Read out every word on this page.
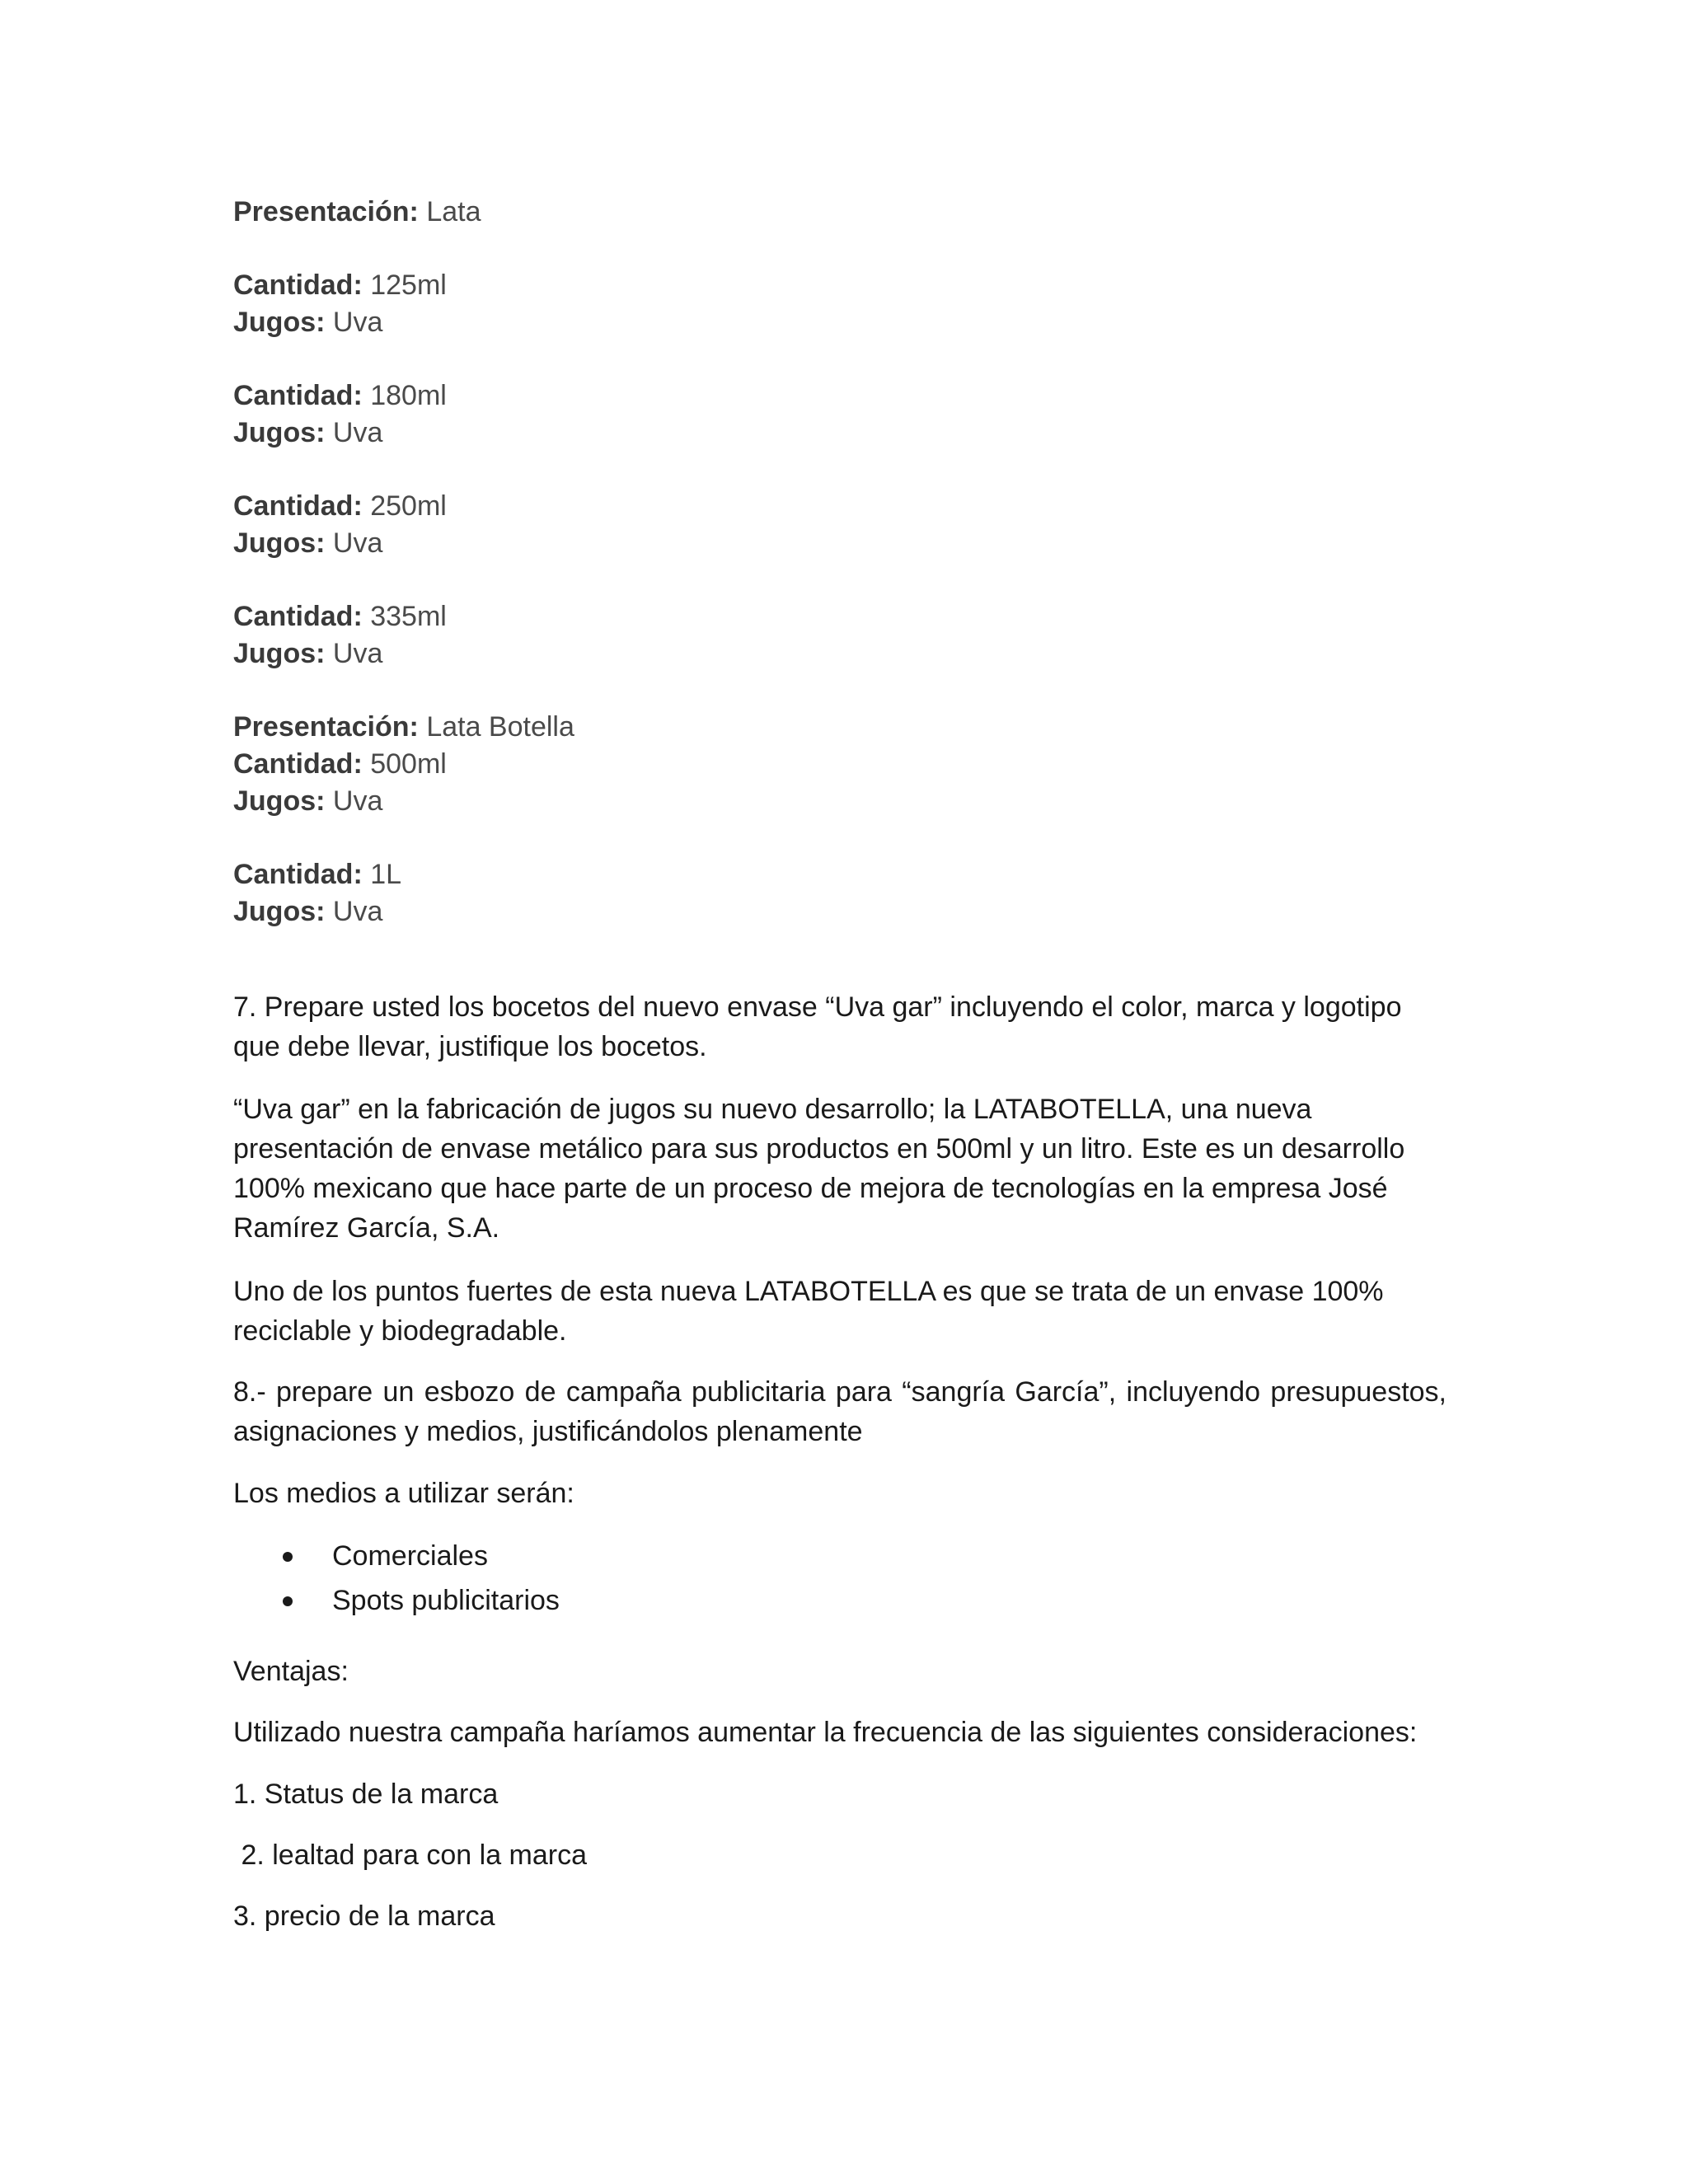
Presentación: Lata
Cantidad: 125ml
Jugos: Uva
Cantidad: 180ml
Jugos: Uva
Cantidad: 250ml
Jugos: Uva
Cantidad: 335ml
Jugos: Uva
Presentación: Lata Botella
Cantidad: 500ml
Jugos: Uva
Cantidad: 1L
Jugos: Uva

7. Prepare usted los bocetos del nuevo envase “Uva gar” incluyendo el color, marca y logotipo que debe llevar, justifique los bocetos.

“Uva gar” en la fabricación de jugos su nuevo desarrollo; la LATABOTELLA, una nueva presentación de envase metálico para sus productos en 500ml y un litro. Este es un desarrollo 100% mexicano que hace parte de un proceso de mejora de tecnologías en la empresa José Ramírez García, S.A.

Uno de los puntos fuertes de esta nueva LATABOTELLA es que se trata de un envase 100% reciclable y biodegradable.

8.- prepare un esbozo de campaña publicitaria para “sangría García”, incluyendo presupuestos, asignaciones y medios, justificándolos plenamente

Los medios a utilizar serán:

Comerciales
Spots publicitarios

Ventajas:

Utilizado nuestra campaña haríamos aumentar la frecuencia de las siguientes consideraciones:

1. Status de la marca

2. lealtad para con la marca

3. precio de la marca
